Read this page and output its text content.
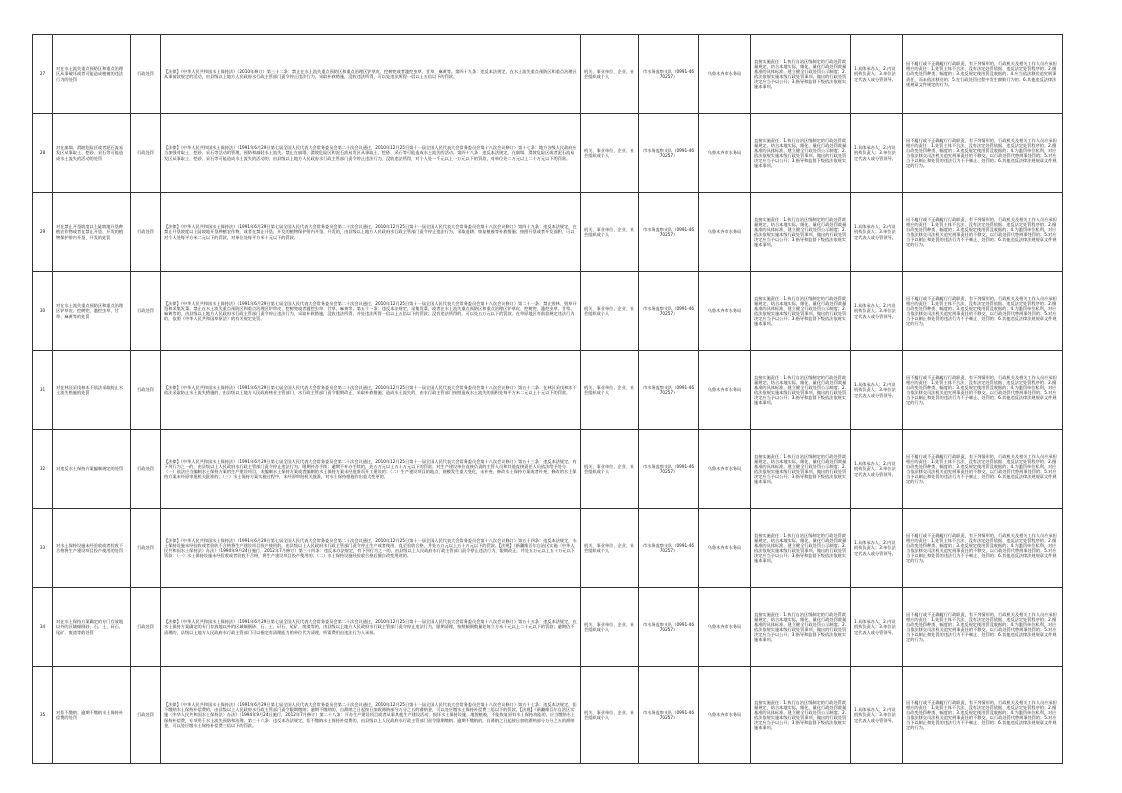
27	对在水土流失重点预防区和重点治理区从事破坏或者可能造成植被的违法行为的处罚	行政处罚	【法律】《中华人民共和国水土保持法》（2010年修订）第三十二条：禁止在水土流失重点预防区和重点治理区铲草皮、挖树兜或者滥挖虫草、甘草、麻黄等。第四十九条：违反本法规定，在水土流失重点预防区和重点治理区从事前款规定的活动，由县级以上地方人民政府水行政主管部门责令停止违法行为，采取补救措施，没收违法所得，可以处违法所得一倍以上五倍以下的罚款。	机关、事业单位、企业、社会组织或个人	市水务监察支队（0991-4670257）	乌鲁木齐市水务局	直接实施责任：1.执行自治区级制定的行政处罚裁量规定，结合本地实际，细化、量化行政处罚裁量基准的具体标准，建立健全行政处罚公示制度；2.依法依规实施本级行政处罚事项，做出的行政处罚决定应当予以公开；3.指导和监督下级依法依规实施本事项。	1.具体承办人；2.内设机构负责人；3.单位法定代表人或分管领导。	因不履行或不正确履行行政职责，有下列情形的，行政机关及相关工作人员应承担相应的责任：1.处罚主体不合法、没有法定处罚依据、违反法定处罚程序的；2.擅自改变处罚种类、幅度的；3.违反规定使用罚没收据的；4.应当依法移送追究刑事责任，而未依法移送的；5.在行政处罚过程中发生腐败行为的；6.其他违反法律法规规章文件规定的行为。
28	对在崩塌、滑坡危险区或者泥石流易发区从事取土、挖砂、采石等可能造成水土流失的活动的处罚	行政处罚	【法律】《中华人民共和国水土保持法》（1991年6月29日第七届全国人民代表大会常务委员会第二十次会议通过，2010年12月25日第十一届全国人民代表大会常务委员会第十八次会议修订）第十七条：地方各级人民政府应当加强对取土、挖砂、采石等活动的管理，预防和减轻水土流失。禁止在崩塌、滑坡危险区和泥石流易发区从事取土、挖砂、采石等可能造成水土流失的活动。第四十八条：违反本法规定，在崩塌、滑坡危险区或者泥石流易发区从事取土、挖砂、采石等可能造成水土流失的活动的，由县级以上地方人民政府水行政主管部门责令停止违法行为，没收违法所得，对个人处一千元以上一万元以下的罚款，对单位处二万元以上二十万元以下的罚款。	机关、事业单位、企业、社会组织或个人	市水务监察支队（0991-4670257）	乌鲁木齐市水务局	直接实施责任：1.执行自治区级制定的行政处罚裁量规定，结合本地实际，细化、量化行政处罚裁量基准的具体标准，建立健全行政处罚公示制度；2.依法依规实施本级行政处罚事项，做出的行政处罚决定应当予以公开；3.指导和监督下级依法依规实施本事项。	1.具体承办人；2.内设机构负责人；3.单位法定代表人或分管领导。	因不履行或不正确履行行政职责，有下列情形的，行政机关及相关工作人员应承担相应的责任：1.处罚主体不合法、没有法定处罚依据、违反法定处罚程序的；2.擅自改变处罚种类、幅度的；3.违反规定使用罚没收据的；4.为滥罚单位私利，对应当依法移交司法机关追究刑事责任的不移交，以行政处罚代替刑事处罚的；5.对应当予以制止和处罚的违法行为不予制止、处罚的；6.其他违反法律法规规章文件规定的行为。
29	对在禁止开垦坡度以上陡坡地开垦种植农作物或者在禁止开垦、开发的植物保护带内开垦、开发的处罚	行政处罚	【法律】《中华人民共和国水土保持法》（1991年6月29日第七届全国人民代表大会常务委员会第二十次会议通过，2010年12月25日第十一届全国人民代表大会常务委员会第十八次会议修订）第四十九条：违反本法规定，在禁止开垦坡度以上陡坡地开垦种植农作物，或者在禁止开垦、开发的植物保护带内开垦、开发的，由县级以上地方人民政府水行政主管部门责令停止违法行为，采取退耕、恢复植被等补救措施；按照开垦或者开发面积，可以对个人处每平方米二元以下的罚款，对单位处每平方米十元以下的罚款。	机关、事业单位、企业、社会组织或个人	市水务监察支队（0991-4670257）	乌鲁木齐市水务局	直接实施责任：1.执行自治区级制定的行政处罚裁量规定，结合本地实际，细化、量化行政处罚裁量基准的具体标准，建立健全行政处罚公示制度；2.依法依规实施本级行政处罚事项，做出的行政处罚决定应当予以公开；3.指导和监督下级依法依规实施本事项。	1.具体承办人；2.内设机构负责人；3.单位法定代表人或分管领导。	因不履行或不正确履行行政职责，有下列情形的，行政机关及相关工作人员应承担相应的责任：1.处罚主体不合法、没有法定处罚依据、违反法定处罚程序的；2.擅自改变处罚种类、幅度的；3.违反规定使用罚没收据的；4.为滥罚单位私利，对应当依法移交司法机关追究刑事责任的不移交，以行政处罚代替刑事处罚的；5.对应当予以制止和处罚的违法行为不予制止、处罚的；6.其他违反法律法规规章文件规定的行为。
30	对在水土流失重点预防区和重点治理区铲草皮、挖树兜、滥挖虫草、甘草、麻黄等的处罚	行政处罚	【法律】《中华人民共和国水土保持法》（1991年6月29日第七届全国人民代表大会常务委员会第二十次会议通过，2010年12月25日第十一届全国人民代表大会常务委员会第十八次会议修订）第二十一条：禁止毁林、毁草开垦和采集发菜。禁止在水土流失重点预防区和重点治理区铲草皮、挖树兜或者滥挖虫草、甘草、麻黄等。第五十一条：违反本法规定，采集发菜，或者在水土流失重点预防区和重点治理区铲草皮、挖树兜、滥挖虫草、甘草、麻黄等的，由县级以上地方人民政府水行政主管部门责令停止违法行为，采取补救措施，没收违法所得，并处违法所得一倍以上五倍以下的罚款；没有违法所得的，可以处五万元以下的罚款。在草原地区有前款规定违法行为的，依照《中华人民共和国草原法》的有关规定处罚。	机关、事业单位、企业、社会组织或个人	市水务监察支队（0991-4670257）	乌鲁木齐市水务局	直接实施责任：1.执行自治区级制定的行政处罚裁量规定，结合本地实际，细化、量化行政处罚裁量基准的具体标准，建立健全行政处罚公示制度；2.依法依规实施本级行政处罚事项，做出的行政处罚决定应当予以公开；3.指导和监督下级依法依规实施本事项。	1.具体承办人；2.内设机构负责人；3.单位法定代表人或分管领导。	因不履行或不正确履行行政职责，有下列情形的，行政机关及相关工作人员应承担相应的责任：1.处罚主体不合法、没有法定处罚依据、违反法定处罚程序的；2.擅自改变处罚种类、幅度的；3.违反规定使用罚没收据的；4.为滥罚单位私利，对应当依法移交司法机关追究刑事责任的不移交，以行政处罚代替刑事处罚的；5.对应当予以制止和处罚的违法行为不予制止、处罚的；6.其他违反法律法规规章文件规定的行为。
31	对在林区采伐林木不依法采取防止水土流失措施的处罚	行政处罚	【法律】《中华人民共和国水土保持法》（1991年6月29日第七届全国人民代表大会常务委员会第二十次会议通过，2010年12月25日第十一届全国人民代表大会常务委员会第十八次会议修订）第五十二条：在林区采伐林木不依法采取防止水土流失措施的，由县级以上地方人民政府林业主管部门、水行政主管部门责令限期改正，采取补救措施；造成水土流失的，由水行政主管部门按照造成水土流失的面积处每平方米二元以上十元以下的罚款。	机关、事业单位、企业、社会组织或个人	市水务监察支队（0991-4670257）	乌鲁木齐市水务局	直接实施责任：1.执行自治区级制定的行政处罚裁量规定，结合本地实际，细化、量化行政处罚裁量基准的具体标准，建立健全行政处罚公示制度；2.依法依规实施本级行政处罚事项，做出的行政处罚决定应当予以公开；3.指导和监督下级依法依规实施本事项。	1.具体承办人；2.内设机构负责人；3.单位法定代表人或分管领导。	因不履行或不正确履行行政职责，有下列情形的，行政机关及相关工作人员应承担相应的责任：1.处罚主体不合法、没有法定处罚依据、违反法定处罚程序的；2.擅自改变处罚种类、幅度的；3.违反规定使用罚没收据的；4.为滥罚单位私利，对应当依法移交司法机关追究刑事责任的不移交，以行政处罚代替刑事处罚的；5.对应当予以制止和处罚的违法行为不予制止、处罚的；6.其他违反法律法规规章文件规定的行为。
32	对违反水土保持方案编制规定的处罚	行政处罚	【法律】《中华人民共和国水土保持法》（1991年6月29日第七届全国人民代表大会常务委员会第二十次会议通过，2010年12月25日第十一届全国人民代表大会常务委员会第十八次会议修订）第五十三条：违反本法规定，有下列行为之一的，由县级以上人民政府水行政主管部门责令停止违法行为，限期补办手续；逾期不补办手续的，处五万元以上五十万元以下的罚款；对生产建设单位直接负责的主管人员和其他直接责任人员依法给予处分：（一）依法应当编制水土保持方案的生产建设项目，未编制水土保持方案或者编制的水土保持方案未经批准而开工建设的；（二）生产建设项目的地点、规模发生重大变化，未补充、修改水土保持方案或者补充、修改的水土保持方案未经原审批机关批准的；（三）水土保持方案实施过程中，未经原审批机关批准，对水土保持措施作出重大变更的。	机关、事业单位、企业、社会组织或个人	市水务监察支队（0991-4670257）	乌鲁木齐市水务局	直接实施责任：1.执行自治区级制定的行政处罚裁量规定，结合本地实际，细化、量化行政处罚裁量基准的具体标准，建立健全行政处罚公示制度；2.依法依规实施本级行政处罚事项，做出的行政处罚决定应当予以公开；3.指导和监督下级依法依规实施本事项。	1.具体承办人；2.内设机构负责人；3.单位法定代表人或分管领导。	因不履行或不正确履行行政职责，有下列情形的，行政机关及相关工作人员应承担相应的责任：1.处罚主体不合法、没有法定处罚依据、违反法定处罚程序的；2.擅自改变处罚种类、幅度的；3.违反规定使用罚没收据的；4.为滥罚单位私利，对应当依法移交司法机关追究刑事责任的不移交，以行政处罚代替刑事处罚的；5.对应当予以制止和处罚的违法行为不予制止、处罚的；6.其他违反法律法规规章文件规定的行为。
33	对水土保持设施未经验收或者验收不合格将生产建设项目投产使用的处罚	行政处罚	【法律】《中华人民共和国水土保持法》（1991年6月29日第七届全国人民代表大会常务委员会第二十次会议通过，2010年12月25日第十一届全国人民代表大会常务委员会第十八次会议修订）第五十四条：违反本法规定，水土保持设施未经验收或者验收不合格将生产建设项目投产使用的，由县级以上人民政府水行政主管部门责令停止生产或者使用，直至验收合格，并处五万元以上五十万元以下的罚款。【法规】《新疆维吾尔自治区实施〈中华人民共和国水土保持法〉办法》（1994年9月24日施行，2012年7月修订）第三十四条：违反本办法规定，有下列行为之一的，由县级以上人民政府水行政主管部门责令停止违法行为，限期改正，并处五万元以上五十万元以下罚款：（一）水土保持设施未经验收或者验收不合格，将生产建设项目投产使用的；（二）水土保持设施经验收合格后擅自改变用途的。	机关、事业单位、企业、社会组织或个人	市水务监察支队（0991-4670257）	乌鲁木齐市水务局	直接实施责任：1.执行自治区级制定的行政处罚裁量规定，结合本地实际，细化、量化行政处罚裁量基准的具体标准，建立健全行政处罚公示制度；2.依法依规实施本级行政处罚事项，做出的行政处罚决定应当予以公开；3.指导和监督下级依法依规实施本事项。	1.具体承办人；2.内设机构负责人；3.单位法定代表人或分管领导。	因不履行或不正确履行行政职责，有下列情形的，行政机关及相关工作人员应承担相应的责任：1.处罚主体不合法、没有法定处罚依据、违反法定处罚程序的；2.擅自改变处罚种类、幅度的；3.违反规定使用罚没收据的；4.为滥罚单位私利，对应当依法移交司法机关追究刑事责任的不移交，以行政处罚代替刑事处罚的；5.对应当予以制止和处罚的违法行为不予制止、处罚的；6.其他违反法律法规规章文件规定的行为。
34	对在水土保持方案确定的专门存放地以外的区域倾倒砂、石、土、矸石、尾矿、废渣等的处罚	行政处罚	【法律】《中华人民共和国水土保持法》（1991年6月29日第七届全国人民代表大会常务委员会第二十次会议通过，2010年12月25日第十一届全国人民代表大会常务委员会第十八次会议修订）第五十五条：违反本法规定，在水土保持方案确定的专门存放地以外的区域倾倒砂、石、土、矸石、尾矿、废渣等的，由县级以上地方人民政府水行政主管部门责令停止违法行为，限期清理，按照倾倒数量处每立方米十元以上二十元以下的罚款；逾期仍不清理的，县级以上地方人民政府水行政主管部门可以指定有清理能力的单位代为清理，所需费用由违法行为人承担。	机关、事业单位、企业、社会组织或个人	市水务监察支队（0991-4670257）	乌鲁木齐市水务局	直接实施责任：1.执行自治区级制定的行政处罚裁量规定，结合本地实际，细化、量化行政处罚裁量基准的具体标准，建立健全行政处罚公示制度；2.依法依规实施本级行政处罚事项，做出的行政处罚决定应当予以公开；3.指导和监督下级依法依规实施本事项。	1.具体承办人；2.内设机构负责人；3.单位法定代表人或分管领导。	因不履行或不正确履行行政职责，有下列情形的，行政机关及相关工作人员应承担相应的责任：1.处罚主体不合法、没有法定处罚依据、违反法定处罚程序的；2.擅自改变处罚种类、幅度的；3.违反规定使用罚没收据的；4.为滥罚单位私利，对应当依法移交司法机关追究刑事责任的不移交，以行政处罚代替刑事处罚的；5.对应当予以制止和处罚的违法行为不予制止、处罚的；6.其他违反法律法规规章文件规定的行为。
35	对拒不缴纳、逾期不缴纳水土保持补偿费的处罚	行政处罚	【法律】《中华人民共和国水土保持法》（1991年6月29日第七届全国人民代表大会常务委员会第二十次会议通过，2010年12月25日第十一届全国人民代表大会常务委员会第十八次会议修订）第五十七条：违反本法规定，拒不缴纳水土保持补偿费的，由县级以上人民政府水行政主管部门责令限期缴纳；逾期不缴纳的，自滞纳之日起按日加收滞纳部分万分之五的滞纳金，可以处应缴水土保持补偿费三倍以下的罚款。【法规】《新疆维吾尔自治区实施〈中华人民共和国水土保持法〉办法》（1994年9月24日施行，2012年7月修订）第二十八条：开办生产建设项目或者从事其他生产建设活动，损坏水土保持设施、地貌植被，不能恢复原有水土保持功能的，应当缴纳水土保持补偿费，专项用于水土流失预防和治理。第三十六条：违反本办法规定，拒不缴纳水土保持补偿费的，由县级以上人民政府水行政主管部门责令限期缴纳；逾期不缴纳的，自滞纳之日起按日加收滞纳部分万分之五的滞纳金，可以处应缴水土保持补偿费三倍以下的罚款。	机关、事业单位、企业、社会组织或个人	市水务监察支队（0991-4670257）	乌鲁木齐市水务局	直接实施责任：1.执行自治区级制定的行政处罚裁量规定，结合本地实际，细化、量化行政处罚裁量基准的具体标准，建立健全行政处罚公示制度；2.依法依规实施本级行政处罚事项，做出的行政处罚决定应当予以公开；3.指导和监督下级依法依规实施本事项。	1.具体承办人；2.内设机构负责人；3.单位法定代表人或分管领导。	因不履行或不正确履行行政职责，有下列情形的，行政机关及相关工作人员应承担相应的责任：1.处罚主体不合法、没有法定处罚依据、违反法定处罚程序的；2.擅自改变处罚种类、幅度的；3.违反规定使用罚没收据的；4.为滥罚单位私利，对应当依法移交司法机关追究刑事责任的不移交，以行政处罚代替刑事处罚的；5.对应当予以制止和处罚的违法行为不予制止、处罚的；6.其他违反法律法规规章文件规定的行为。
